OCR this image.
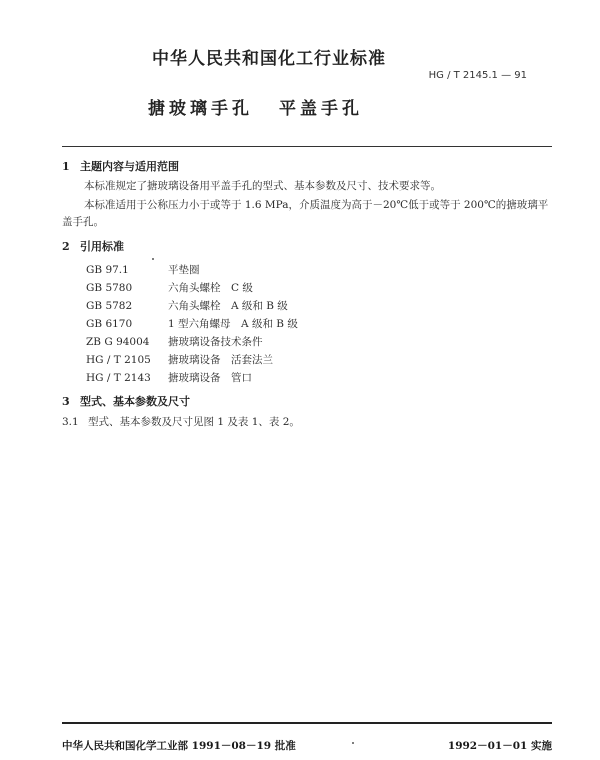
中华人民共和国化工行业标准
HG / T 2145.1 — 91
搪玻璃手孔 平盖手孔
1 主题内容与适用范围
本标准规定了搪玻璃设备用平盖手孔的型式、基本参数及尺寸、技术要求等。
本标准适用于公称压力小于或等于 1.6 MPa，介质温度为高于－20℃低于或等于 200℃的搪玻璃平盖手孔。
2 引用标准
GB 97.1	平垫圈
GB 5780	六角头螺栓　C 级
GB 5782	六角头螺栓　A 级和 B 级
GB 6170	1 型六角螺母　A 级和 B 级
ZB G 94004 搪玻璃设备技术条件
HG / T 2105 搪玻璃设备　活套法兰
HG / T 2143 搪玻璃设备　管口
3 型式、基本参数及尺寸
3.1 型式、基本参数及尺寸见图 1 及表 1、表 2。
中华人民共和国化学工业部 1991－08－19 批准	1992－01－01 实施
